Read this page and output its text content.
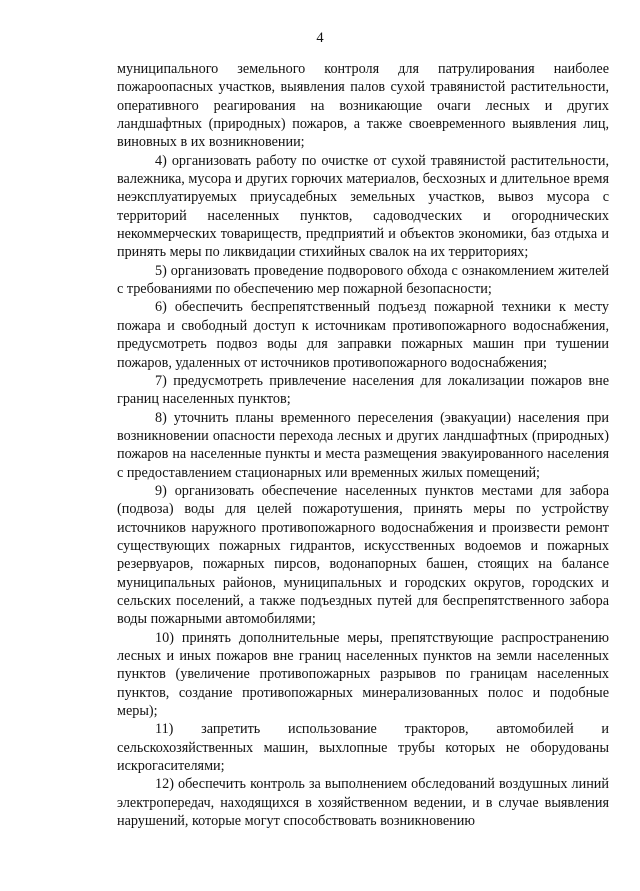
4

муниципального земельного контроля для патрулирования наиболее пожароопасных участков, выявления палов сухой травянистой растительности, оперативного реагирования на возникающие очаги лесных и других ландшафтных (природных) пожаров, а также своевременного выявления лиц, виновных в их возникновении;

4) организовать работу по очистке от сухой травянистой растительности, валежника, мусора и других горючих материалов, бесхозных и длительное время неэксплуатируемых приусадебных земельных участков, вывоз мусора с территорий населенных пунктов, садоводческих и огороднических некоммерческих товариществ, предприятий и объектов экономики, баз отдыха и принять меры по ликвидации стихийных свалок на их территориях;

5) организовать проведение подворового обхода с ознакомлением жителей с требованиями по обеспечению мер пожарной безопасности;

6) обеспечить беспрепятственный подъезд пожарной техники к месту пожара и свободный доступ к источникам противопожарного водоснабжения, предусмотреть подвоз воды для заправки пожарных машин при тушении пожаров, удаленных от источников противопожарного водоснабжения;

7) предусмотреть привлечение населения для локализации пожаров вне границ населенных пунктов;

8) уточнить планы временного переселения (эвакуации) населения при возникновении опасности перехода лесных и других ландшафтных (природных) пожаров на населенные пункты и места размещения эвакуированного населения с предоставлением стационарных или временных жилых помещений;

9) организовать обеспечение населенных пунктов местами для забора (подвоза) воды для целей пожаротушения, принять меры по устройству источников наружного противопожарного водоснабжения и произвести ремонт существующих пожарных гидрантов, искусственных водоемов и пожарных резервуаров, пожарных пирсов, водонапорных башен, стоящих на балансе муниципальных районов, муниципальных и городских округов, городских и сельских поселений, а также подъездных путей для беспрепятственного забора воды пожарными автомобилями;

10) принять дополнительные меры, препятствующие распространению лесных и иных пожаров вне границ населенных пунктов на земли населенных пунктов (увеличение противопожарных разрывов по границам населенных пунктов, создание противопожарных минерализованных полос и подобные меры);

11) запретить использование тракторов, автомобилей и сельскохозяйственных машин, выхлопные трубы которых не оборудованы искрогасителями;

12) обеспечить контроль за выполнением обследований воздушных линий электропередач, находящихся в хозяйственном ведении, и в случае выявления нарушений, которые могут способствовать возникновению
